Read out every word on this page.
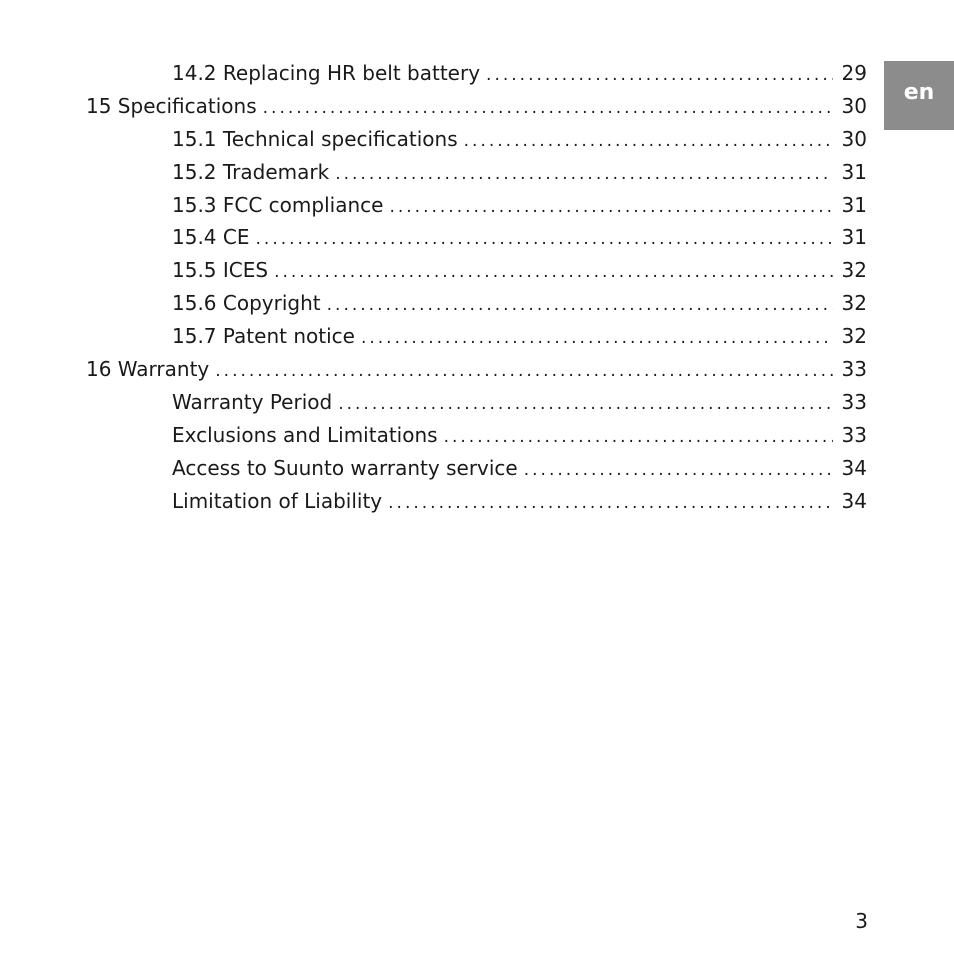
en
14.2 Replacing HR belt battery . . .	29
15 Specifications . . .	30
15.1 Technical specifications . . .	30
15.2 Trademark . . .	31
15.3 FCC compliance . . .	31
15.4 CE . . .	31
15.5 ICES . . .	32
15.6 Copyright . . .	32
15.7 Patent notice . . .	32
16 Warranty . . .	33
Warranty Period . . .	33
Exclusions and Limitations . . .	33
Access to Suunto warranty service . . .	34
Limitation of Liability . . .	34
3
